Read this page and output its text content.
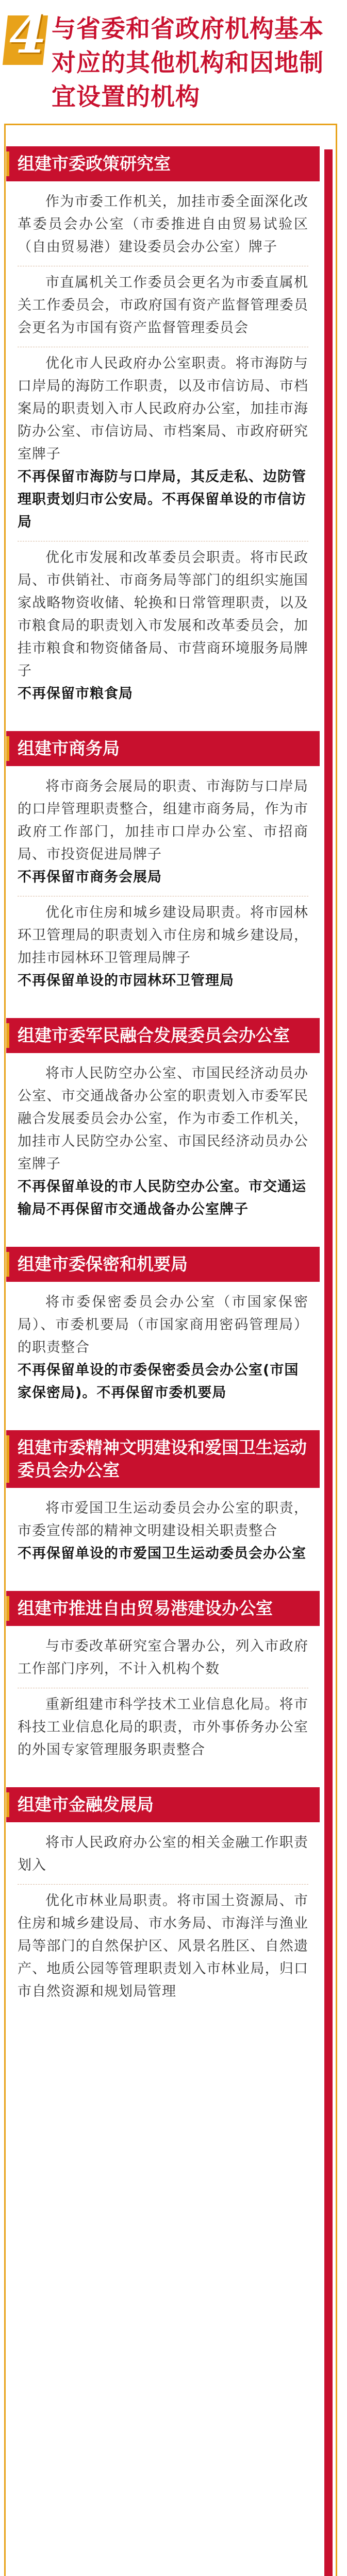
4 与省委和省政府机构基本
对应的其他机构和因地制
宜设置的机构
组建市委政策研究室

作为市委工作机关，加挂市委全面深化改革委员会办公室（市委推进自由贸易试验区（自由贸易港）建设委员会办公室）牌子

市直属机关工作委员会更名为市委直属机关工作委员会，市政府国有资产监督管理委员会更名为市国有资产监督管理委员会

优化市人民政府办公室职责。将市海防与口岸局的海防工作职责，以及市信访局、市档案局的职责划入市人民政府办公室，加挂市海防办公室、市信访局、市档案局、市政府研究室牌子

不再保留市海防与口岸局，其反走私、边防管理职责划归市公安局。不再保留单设的市信访局

优化市发展和改革委员会职责。将市民政局、市供销社、市商务局等部门的组织实施国家战略物资收储、轮换和日常管理职责，以及市粮食局的职责划入市发展和改革委员会，加挂市粮食和物资储备局、市营商环境服务局牌子

不再保留市粮食局

组建市商务局

将市商务会展局的职责、市海防与口岸局的口岸管理职责整合，组建市商务局，作为市政府工作部门，加挂市口岸办公室、市招商局、市投资促进局牌子

不再保留市商务会展局

优化市住房和城乡建设局职责。将市园林环卫管理局的职责划入市住房和城乡建设局，加挂市园林环卫管理局牌子

不再保留单设的市园林环卫管理局

组建市委军民融合发展委员会办公室

将市人民防空办公室、市国民经济动员办公室、市交通战备办公室的职责划入市委军民融合发展委员会办公室，作为市委工作机关，加挂市人民防空办公室、市国民经济动员办公室牌子

不再保留单设的市人民防空办公室。市交通运输局不再保留市交通战备办公室牌子

组建市委保密和机要局

将市委保密委员会办公室（市国家保密局）、市委机要局（市国家商用密码管理局）的职责整合

不再保留单设的市委保密委员会办公室(市国家保密局)。不再保留市委机要局

组建市委精神文明建设和爱国卫生运动委员会办公室

将市爱国卫生运动委员会办公室的职责，市委宣传部的精神文明建设相关职责整合

不再保留单设的市爱国卫生运动委员会办公室

组建市推进自由贸易港建设办公室

与市委改革研究室合署办公，列入市政府工作部门序列，不计入机构个数

重新组建市科学技术工业信息化局。将市科技工业信息化局的职责，市外事侨务办公室的外国专家管理服务职责整合

组建市金融发展局

将市人民政府办公室的相关金融工作职责划入

优化市林业局职责。将市国土资源局、市住房和城乡建设局、市水务局、市海洋与渔业局等部门的自然保护区、风景名胜区、自然遗产、地质公园等管理职责划入市林业局，归口市自然资源和规划局管理
